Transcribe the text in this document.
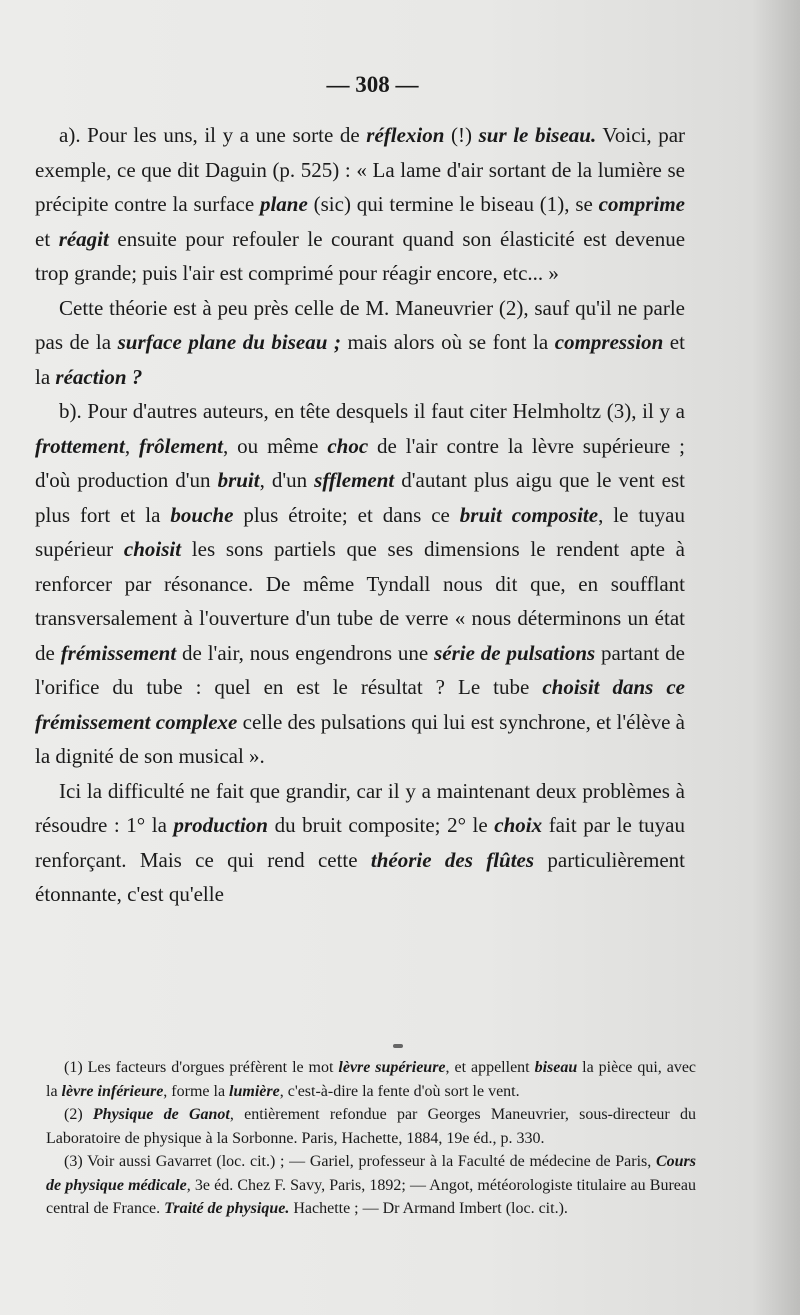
— 308 —

a). Pour les uns, il y a une sorte de réflexion (!) sur le biseau. Voici, par exemple, ce que dit Daguin (p. 525) : « La lame d'air sortant de la lumière se précipite contre la surface plane (sic) qui termine le biseau (1), se comprime et réagit ensuite pour refouler le courant quand son élasticité est devenue trop grande; puis l'air est comprimé pour réagir encore, etc... »

Cette théorie est à peu près celle de M. Maneuvrier (2), sauf qu'il ne parle pas de la surface plane du biseau ; mais alors où se font la compression et la réaction ?

b). Pour d'autres auteurs, en tête desquels il faut citer Helmholtz (3), il y a frottement, frôlement, ou même choc de l'air contre la lèvre supérieure ; d'où production d'un bruit, d'un sfflement d'autant plus aigu que le vent est plus fort et la bouche plus étroite; et dans ce bruit composite, le tuyau supérieur choisit les sons partiels que ses dimensions le rendent apte à renforcer par résonance. De même Tyndall nous dit que, en soufflant transversalement à l'ouverture d'un tube de verre « nous déterminons un état de frémissement de l'air, nous engendrons une série de pulsations partant de l'orifice du tube : quel en est le résultat ? Le tube choisit dans ce frémissement complexe celle des pulsations qui lui est synchrone, et l'élève à la dignité de son musical ».

Ici la difficulté ne fait que grandir, car il y a maintenant deux problèmes à résoudre : 1° la production du bruit composite; 2° le choix fait par le tuyau renforçant. Mais ce qui rend cette théorie des flûtes particulièrement étonnante, c'est qu'elle

(1) Les facteurs d'orgues préfèrent le mot lèvre supérieure, et appellent biseau la pièce qui, avec la lèvre inférieure, forme la lumière, c'est-à-dire la fente d'où sort le vent.

(2) Physique de Ganot, entièrement refondue par Georges Maneuvrier, sous-directeur du Laboratoire de physique à la Sorbonne. Paris, Hachette, 1884, 19e éd., p. 330.

(3) Voir aussi Gavarret (loc. cit.) ; — Gariel, professeur à la Faculté de médecine de Paris, Cours de physique médicale, 3e éd. Chez F. Savy, Paris, 1892; — Angot, météorologiste titulaire au Bureau central de France. Traité de physique. Hachette ; — Dr Armand Imbert (loc. cit.).
